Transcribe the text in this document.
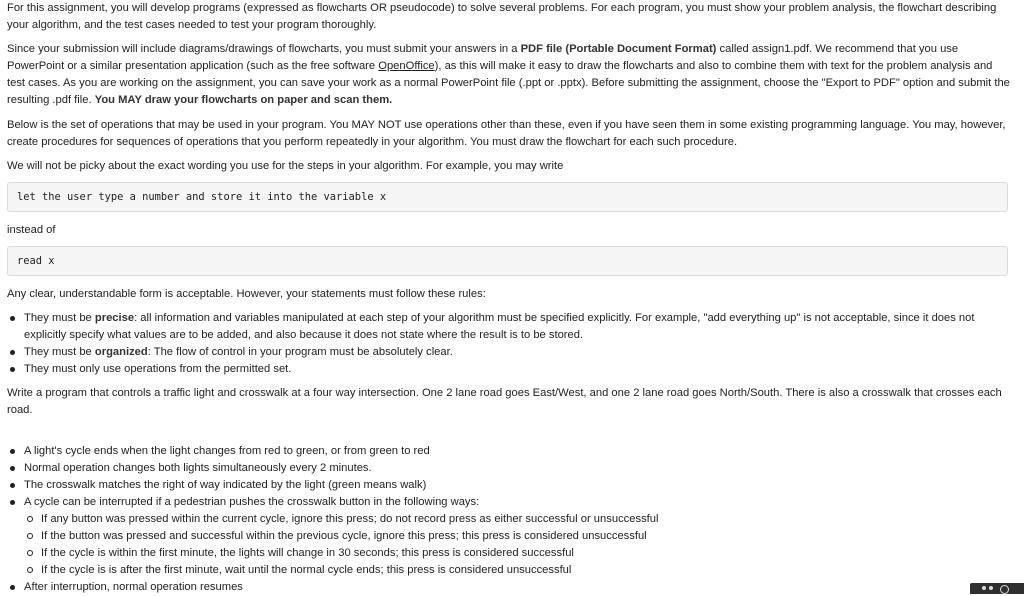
For this assignment, you will develop programs (expressed as flowcharts OR pseudocode) to solve several problems. For each program, you must show your problem analysis, the flowchart describing your algorithm, and the test cases needed to test your program thoroughly.

Since your submission will include diagrams/drawings of flowcharts, you must submit your answers in a PDF file (Portable Document Format) called assign1.pdf. We recommend that you use PowerPoint or a similar presentation application (such as the free software OpenOffice), as this will make it easy to draw the flowcharts and also to combine them with text for the problem analysis and test cases. As you are working on the assignment, you can save your work as a normal PowerPoint file (.ppt or .pptx). Before submitting the assignment, choose the "Export to PDF" option and submit the resulting .pdf file. You MAY draw your flowcharts on paper and scan them.

Below is the set of operations that may be used in your program. You MAY NOT use operations other than these, even if you have seen them in some existing programming language. You may, however, create procedures for sequences of operations that you perform repeatedly in your algorithm. You must draw the flowchart for each such procedure.

We will not be picky about the exact wording you use for the steps in your algorithm. For example, you may write

let the user type a number and store it into the variable x

instead of

read x

Any clear, understandable form is acceptable. However, your statements must follow these rules:

They must be precise: all information and variables manipulated at each step of your algorithm must be specified explicitly. For example, "add everything up" is not acceptable, since it does not explicitly specify what values are to be added, and also because it does not state where the result is to be stored.
They must be organized: The flow of control in your program must be absolutely clear.
They must only use operations from the permitted set.

Write a program that controls a traffic light and crosswalk at a four way intersection. One 2 lane road goes East/West, and one 2 lane road goes North/South. There is also a crosswalk that crosses each road.

A light's cycle ends when the light changes from red to green, or from green to red
Normal operation changes both lights simultaneously every 2 minutes.
The crosswalk matches the right of way indicated by the light (green means walk)
A cycle can be interrupted if a pedestrian pushes the crosswalk button in the following ways:
If any button was pressed within the current cycle, ignore this press; do not record press as either successful or unsuccessful
If the button was pressed and successful within the previous cycle, ignore this press; this press is considered unsuccessful
If the cycle is within the first minute, the lights will change in 30 seconds; this press is considered successful
If the cycle is is after the first minute, wait until the normal cycle ends; this press is considered unsuccessful
After interruption, normal operation resumes
